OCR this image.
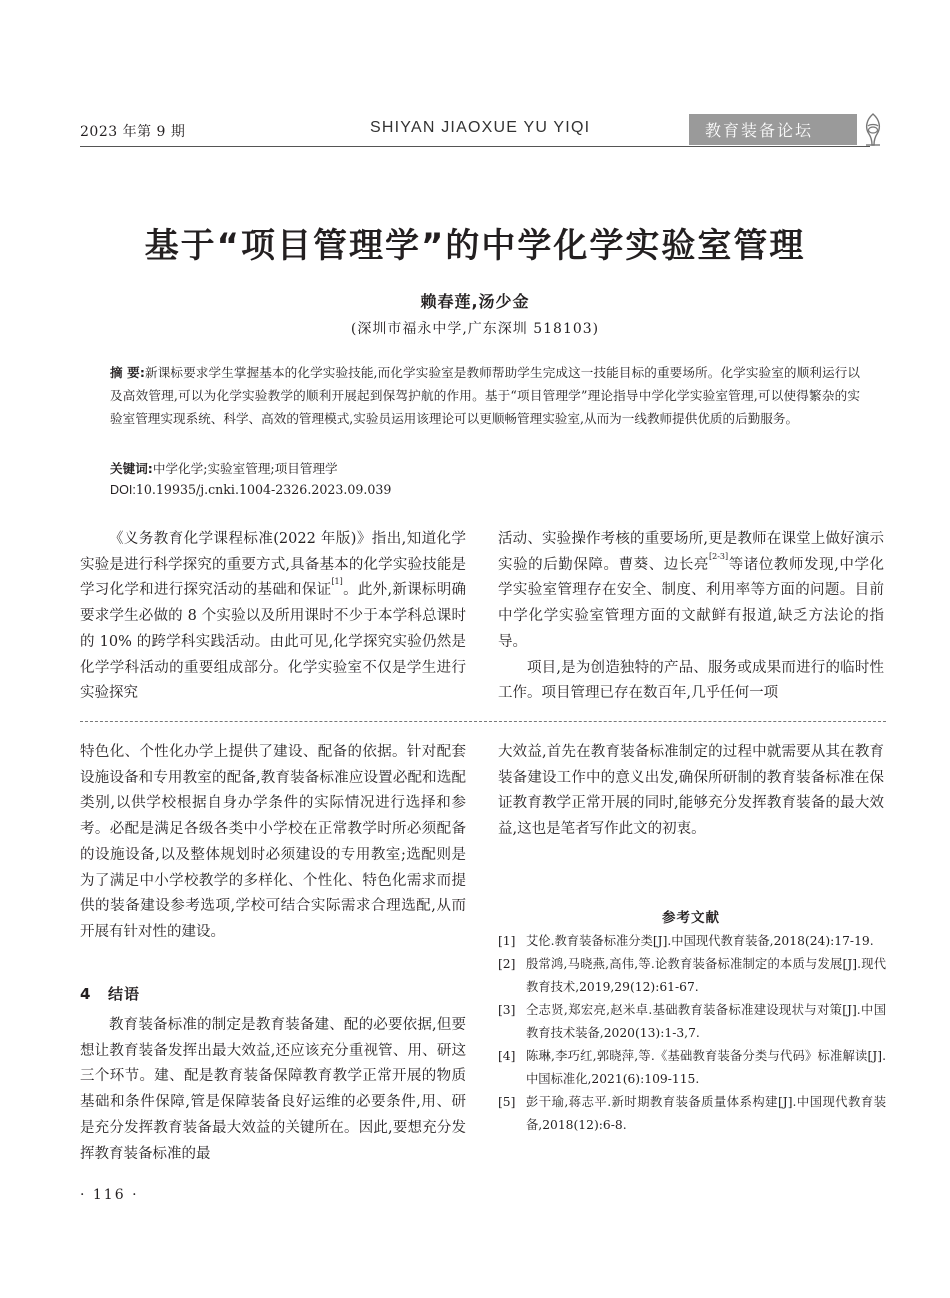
2023 年第 9 期	SHIYAN JIAOXUE YU YIQI	教育装备论坛
基于“项目管理学”的中学化学实验室管理
赖春莲,汤少金
(深圳市福永中学,广东深圳 518103)
摘 要:新课标要求学生掌握基本的化学实验技能,而化学实验室是教师帮助学生完成这一技能目标的重要场所。化学实验室的顺利运行以及高效管理,可以为化学实验教学的顺利开展起到保驾护航的作用。基于“项目管理学”理论指导中学化学实验室管理,可以使得繁杂的实验室管理实现系统、科学、高效的管理模式,实验员运用该理论可以更顺畅管理实验室,从而为一线教师提供优质的后勤服务。
关键词:中学化学;实验室管理;项目管理学
DOI:10.19935/j.cnki.1004-2326.2023.09.039

《义务教育化学课程标准(2022 年版)》指出,知道化学实验是进行科学探究的重要方式,具备基本的化学实验技能是学习化学和进行探究活动的基础和保证[1]。此外,新课标明确要求学生必做的 8 个实验以及所用课时不少于本学科总课时的 10% 的跨学科实践活动。由此可见,化学探究实验仍然是化学学科活动的重要组成部分。化学实验室不仅是学生进行实验探究

活动、实验操作考核的重要场所,更是教师在课堂上做好演示实验的后勤保障。曹葵、边长亮[2-3]等诸位教师发现,中学化学实验室管理存在安全、制度、利用率等方面的问题。目前中学化学实验室管理方面的文献鲜有报道,缺乏方法论的指导。

项目,是为创造独特的产品、服务或成果而进行的临时性工作。项目管理已存在数百年,几乎任何一项

特色化、个性化办学上提供了建设、配备的依据。针对配套设施设备和专用教室的配备,教育装备标准应设置必配和选配类别,以供学校根据自身办学条件的实际情况进行选择和参考。必配是满足各级各类中小学校在正常教学时所必须配备的设施设备,以及整体规划时必须建设的专用教室;选配则是为了满足中小学校教学的多样化、个性化、特色化需求而提供的装备建设参考选项,学校可结合实际需求合理选配,从而开展有针对性的建设。

4 结语

教育装备标准的制定是教育装备建、配的必要依据,但要想让教育装备发挥出最大效益,还应该充分重视管、用、研这三个环节。建、配是教育装备保障教育教学正常开展的物质基础和条件保障,管是保障装备良好运维的必要条件,用、研是充分发挥教育装备最大效益的关键所在。因此,要想充分发挥教育装备标准的最

大效益,首先在教育装备标准制定的过程中就需要从其在教育装备建设工作中的意义出发,确保所研制的教育装备标准在保证教育教学正常开展的同时,能够充分发挥教育装备的最大效益,这也是笔者写作此文的初衷。

参考文献
[1] 艾伦.教育装备标准分类[J].中国现代教育装备,2018(24):17-19.
[2] 殷常鸿,马晓燕,高伟,等.论教育装备标准制定的本质与发展[J].现代教育技术,2019,29(12):61-67.
[3] 仝志贤,郑宏亮,赵米卓.基础教育装备标准建设现状与对策[J].中国教育技术装备,2020(13):1-3,7.
[4] 陈琳,李巧红,郭晓萍,等.《基础教育装备分类与代码》标准解读[J].中国标准化,2021(6):109-115.
[5] 彭干瑜,蒋志平.新时期教育装备质量体系构建[J].中国现代教育装备,2018(12):6-8.
· 116 ·
